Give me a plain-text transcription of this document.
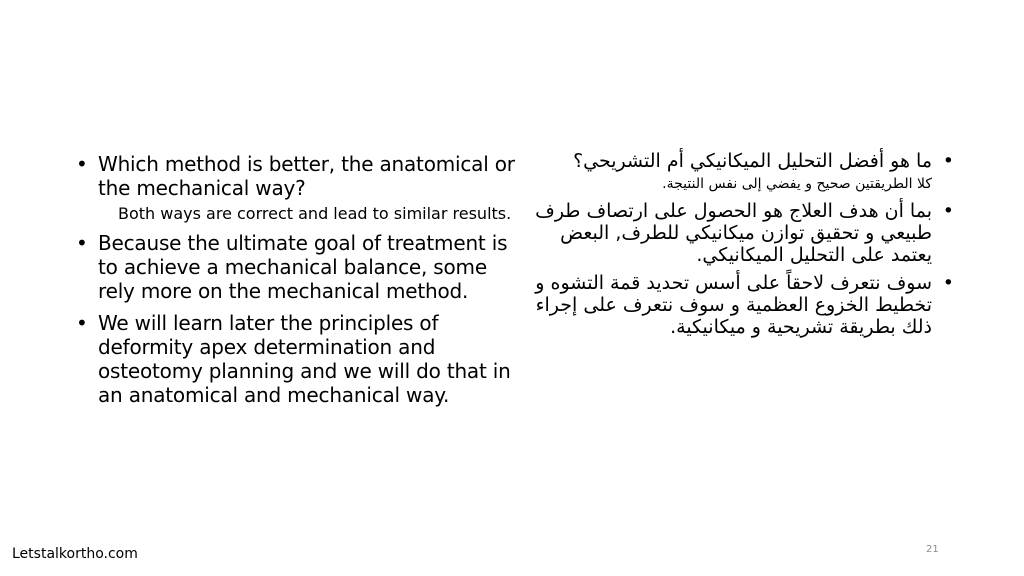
• Which method is better, the anatomical or the mechanical way?
Both ways are correct and lead to similar results.
• Because the ultimate goal of treatment is to achieve a mechanical balance, some rely more on the mechanical method.
• We will learn later the principles of deformity apex determination and osteotomy planning and we will do that in an anatomical and mechanical way.
•
ما هو أفضل التحليل الميكانيكي أم التشريحي؟
كلا الطريقتين صحيح و يفضي إلى نفس النتيجة.
•
بما أن هدف العلاج هو الحصول على ارتصاف طرف طبيعي و تحقيق توازن ميكانيكي للطرف, البعض يعتمد على التحليل الميكانيكي.
•
سوف نتعرف لاحقاً على أسس تحديد قمة التشوه و تخطيط الخزوع العظمية و سوف نتعرف على إجراء ذلك بطريقة تشريحية و ميكانيكية.
Letstalkortho.com	21
